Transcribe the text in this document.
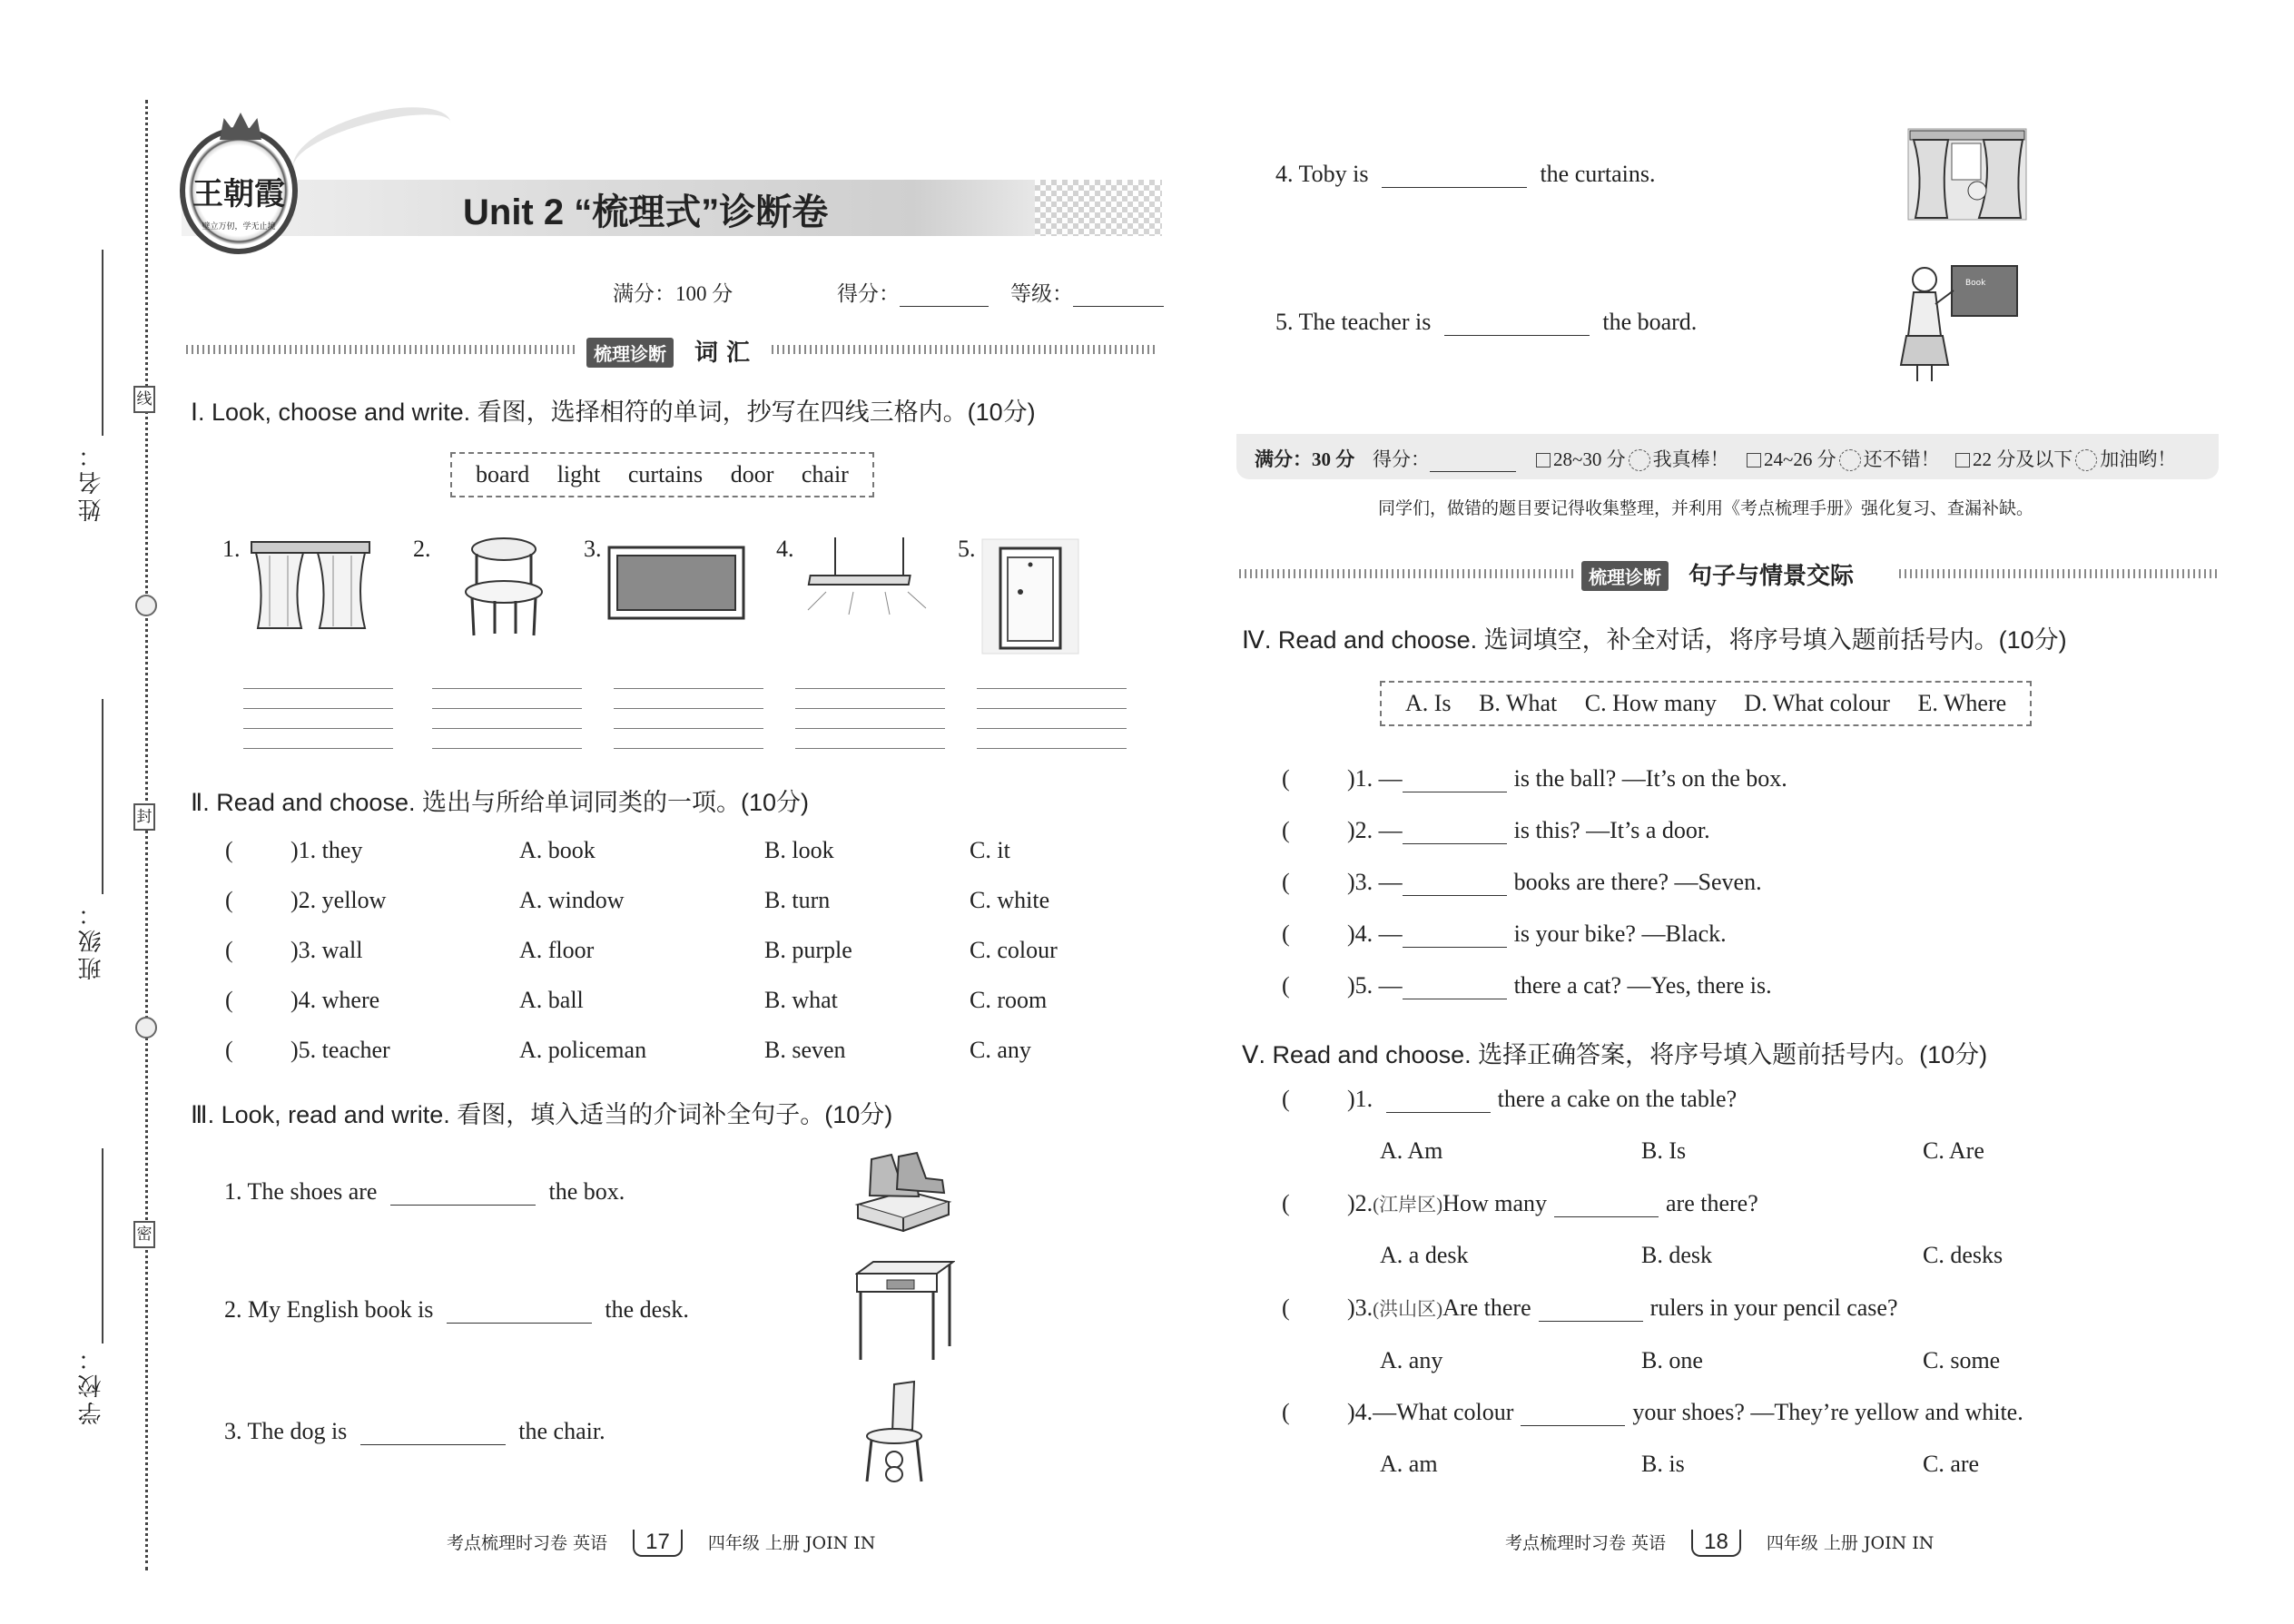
线
封
密
姓名：
班级：
学校：
王朝霞
壁立万仞，学无止境	Unit 2 “梳理式”诊断卷
满分：100 分	得分：	等级：
梳理诊断	词 汇
Ⅰ. Look, choose and write. 看图，选择相符的单词，抄写在四线三格内。(10分)
board light curtains door chair
1.	2.	3.	4.	5.
Ⅱ. Read and choose. 选出与所给单词同类的一项。(10分)
( )1. they	A. book	B. look	C. it
( )2. yellow	A. window	B. turn	C. white
( )3. wall	A. floor	B. purple	C. colour
( )4. where	A. ball	B. what	C. room
( )5. teacher	A. policeman	B. seven	C. any
Ⅲ. Look, read and write. 看图，填入适当的介词补全句子。(10分)
1. The shoes are	the box.
2. My English book is	the desk.
3. The dog is	the chair.
考点梳理时习卷 英语 17 四年级 上册 JOIN IN
4. Toby is	the curtains.
5. The teacher is	the board.
Book
满分：30 分 得分：	28~30 分 我真棒！	24~26 分 还不错！	22 分及以下 加油哟！
同学们，做错的题目要记得收集整理，并利用《考点梳理手册》强化复习、查漏补缺。
梳理诊断	句子与情景交际
Ⅳ. Read and choose. 选词填空，补全对话，将序号填入题前括号内。(10分)
A. Is B. What C. How many D. What colour E. Where
( )1. —	is the ball? —It’s on the box.
( )2. —	is this? —It’s a door.
( )3. —	books are there? —Seven.
( )4. —	is your bike? —Black.
( )5. —	there a cat? —Yes, there is.
Ⅴ. Read and choose. 选择正确答案，将序号填入题前括号内。(10分)
( )1.	there a cake on the table?
A. Am	B. Is	C. Are
( )2.(江岸区)How many	are there?
A. a desk	B. desk	C. desks
( )3.(洪山区)Are there	rulers in your pencil case?
A. any	B. one	C. some
( )4.—What colour	your shoes? —They’re yellow and white.
A. am	B. is	C. are
考点梳理时习卷 英语 18 四年级 上册 JOIN IN
